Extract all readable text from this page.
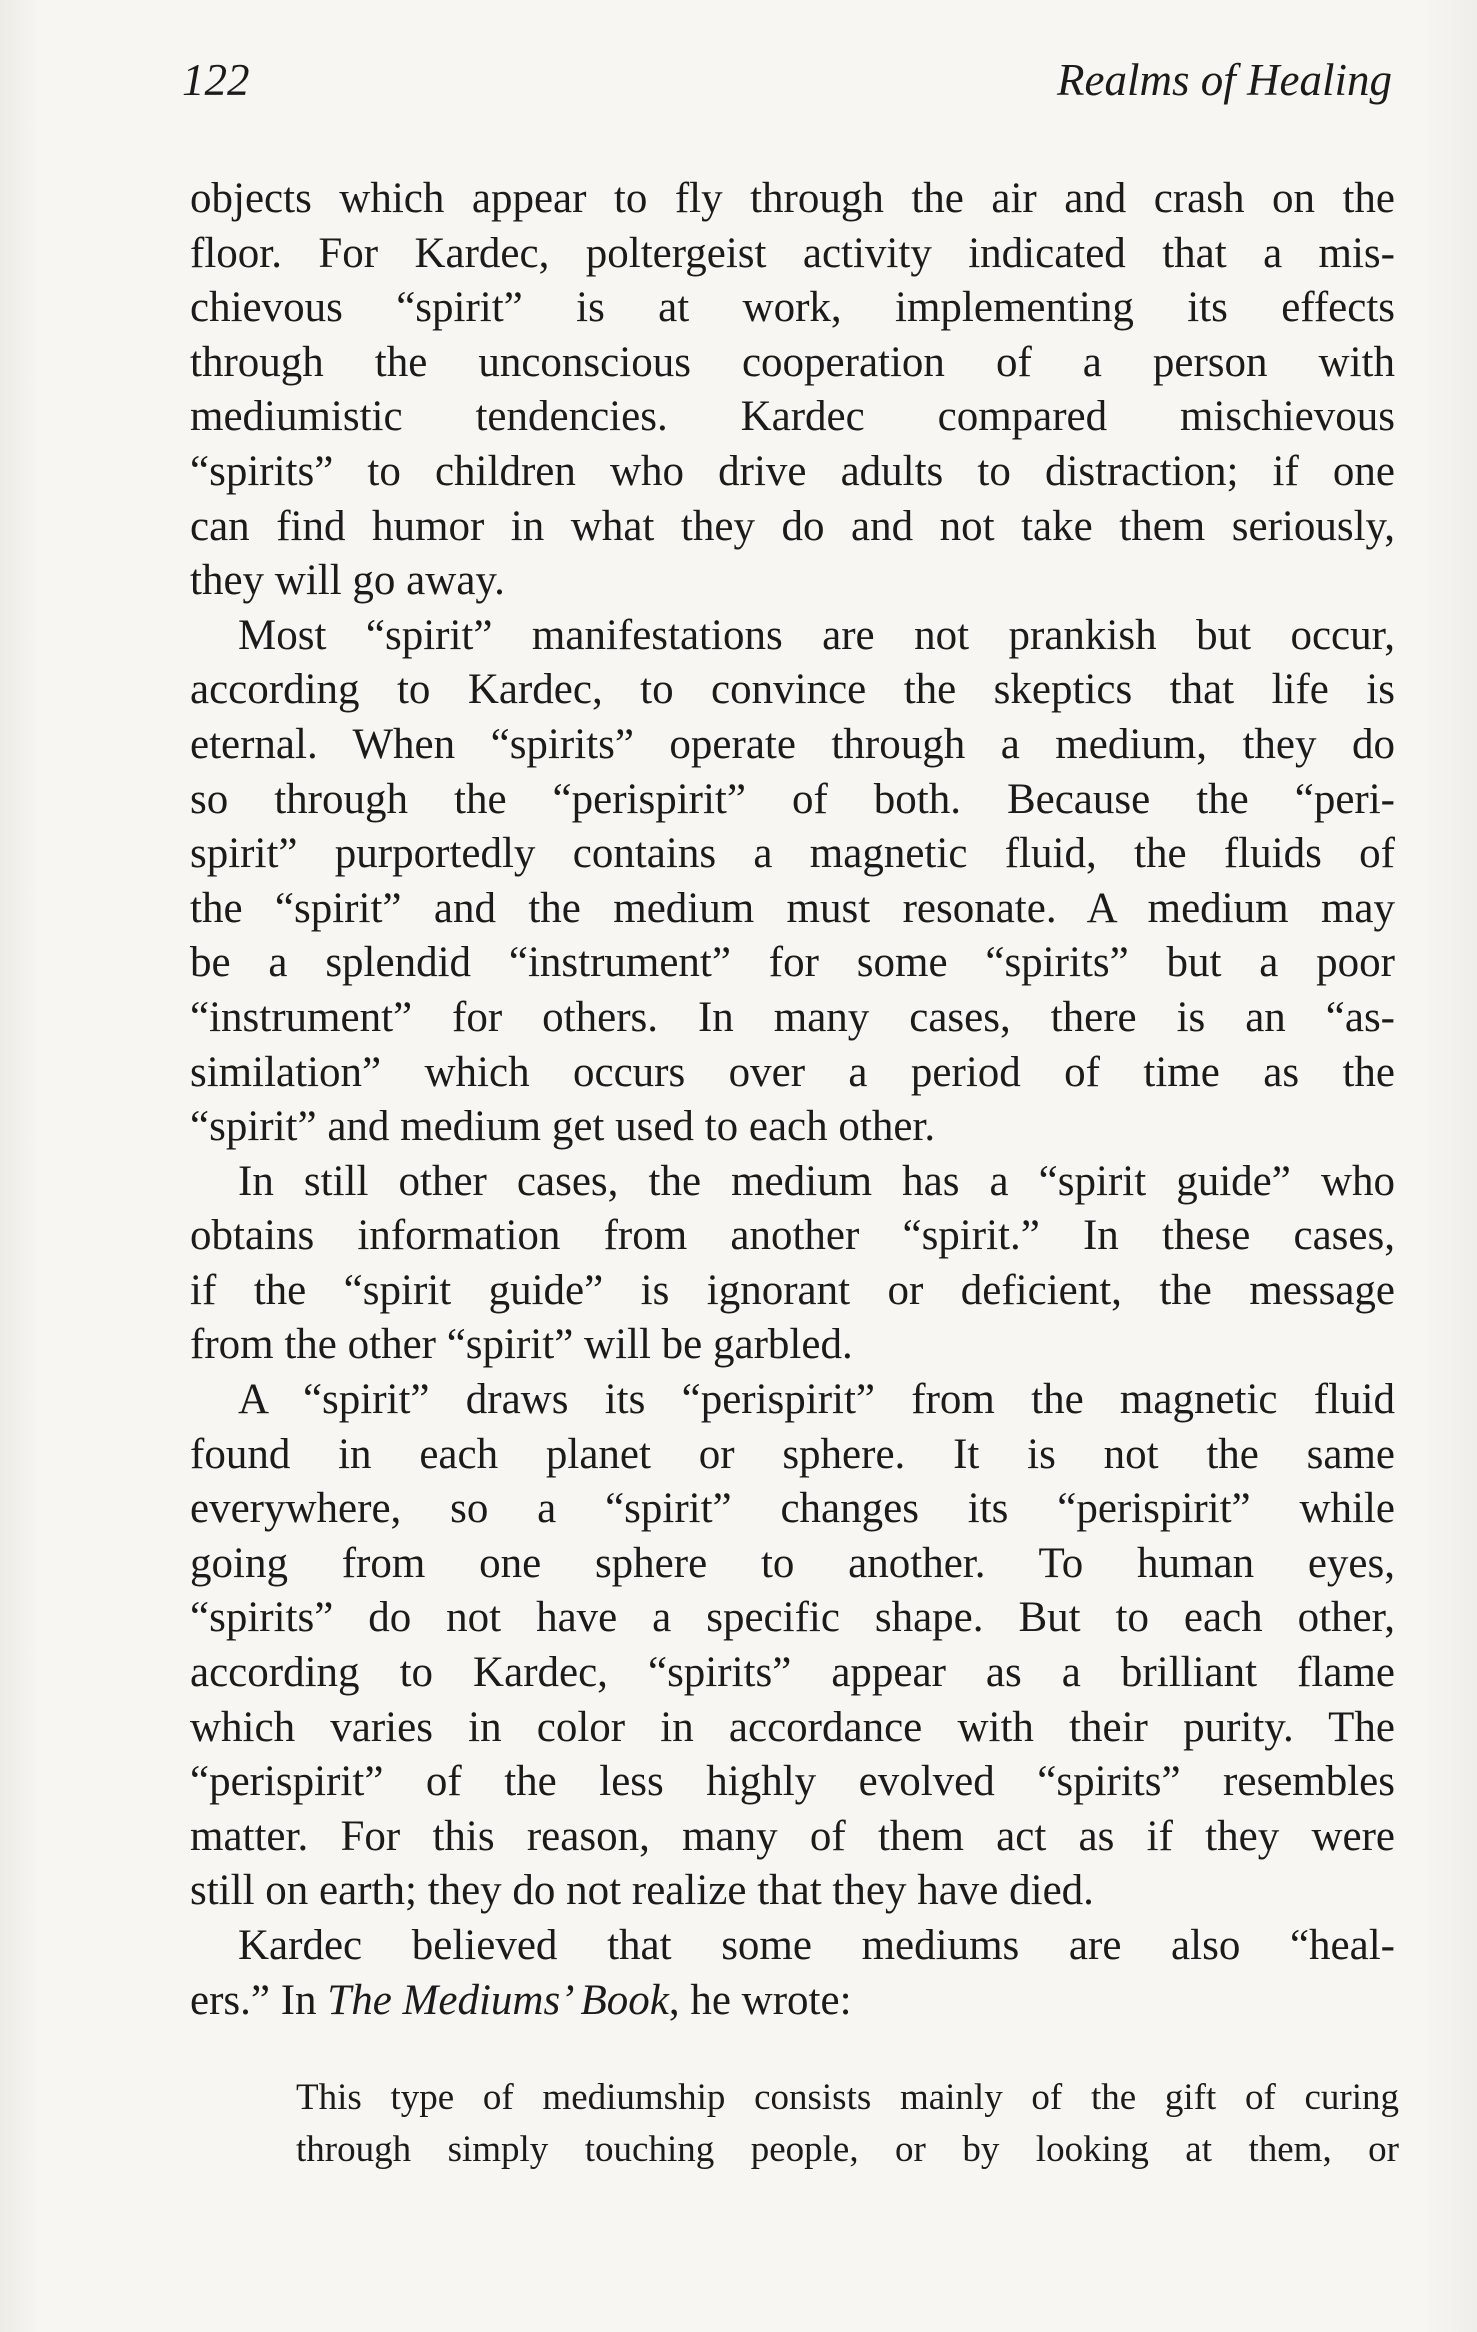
122	Realms of Healing
objects which appear to fly through the air and crash on the
floor. For Kardec, poltergeist activity indicated that a mis-
chievous “spirit” is at work, implementing its effects
through the unconscious cooperation of a person with
mediumistic tendencies. Kardec compared mischievous
“spirits” to children who drive adults to distraction; if one
can find humor in what they do and not take them seriously,
they will go away.
Most “spirit” manifestations are not prankish but occur,
according to Kardec, to convince the skeptics that life is
eternal. When “spirits” operate through a medium, they do
so through the “perispirit” of both. Because the “peri-
spirit” purportedly contains a magnetic fluid, the fluids of
the “spirit” and the medium must resonate. A medium may
be a splendid “instrument” for some “spirits” but a poor
“instrument” for others. In many cases, there is an “as-
similation” which occurs over a period of time as the
“spirit” and medium get used to each other.
In still other cases, the medium has a “spirit guide” who
obtains information from another “spirit.” In these cases,
if the “spirit guide” is ignorant or deficient, the message
from the other “spirit” will be garbled.
A “spirit” draws its “perispirit” from the magnetic fluid
found in each planet or sphere. It is not the same
everywhere, so a “spirit” changes its “perispirit” while
going from one sphere to another. To human eyes,
“spirits” do not have a specific shape. But to each other,
according to Kardec, “spirits” appear as a brilliant flame
which varies in color in accordance with their purity. The
“perispirit” of the less highly evolved “spirits” resembles
matter. For this reason, many of them act as if they were
still on earth; they do not realize that they have died.
Kardec believed that some mediums are also “heal-
ers.” In The Mediums’ Book, he wrote:
This type of mediumship consists mainly of the gift of curing
through simply touching people, or by looking at them, or
